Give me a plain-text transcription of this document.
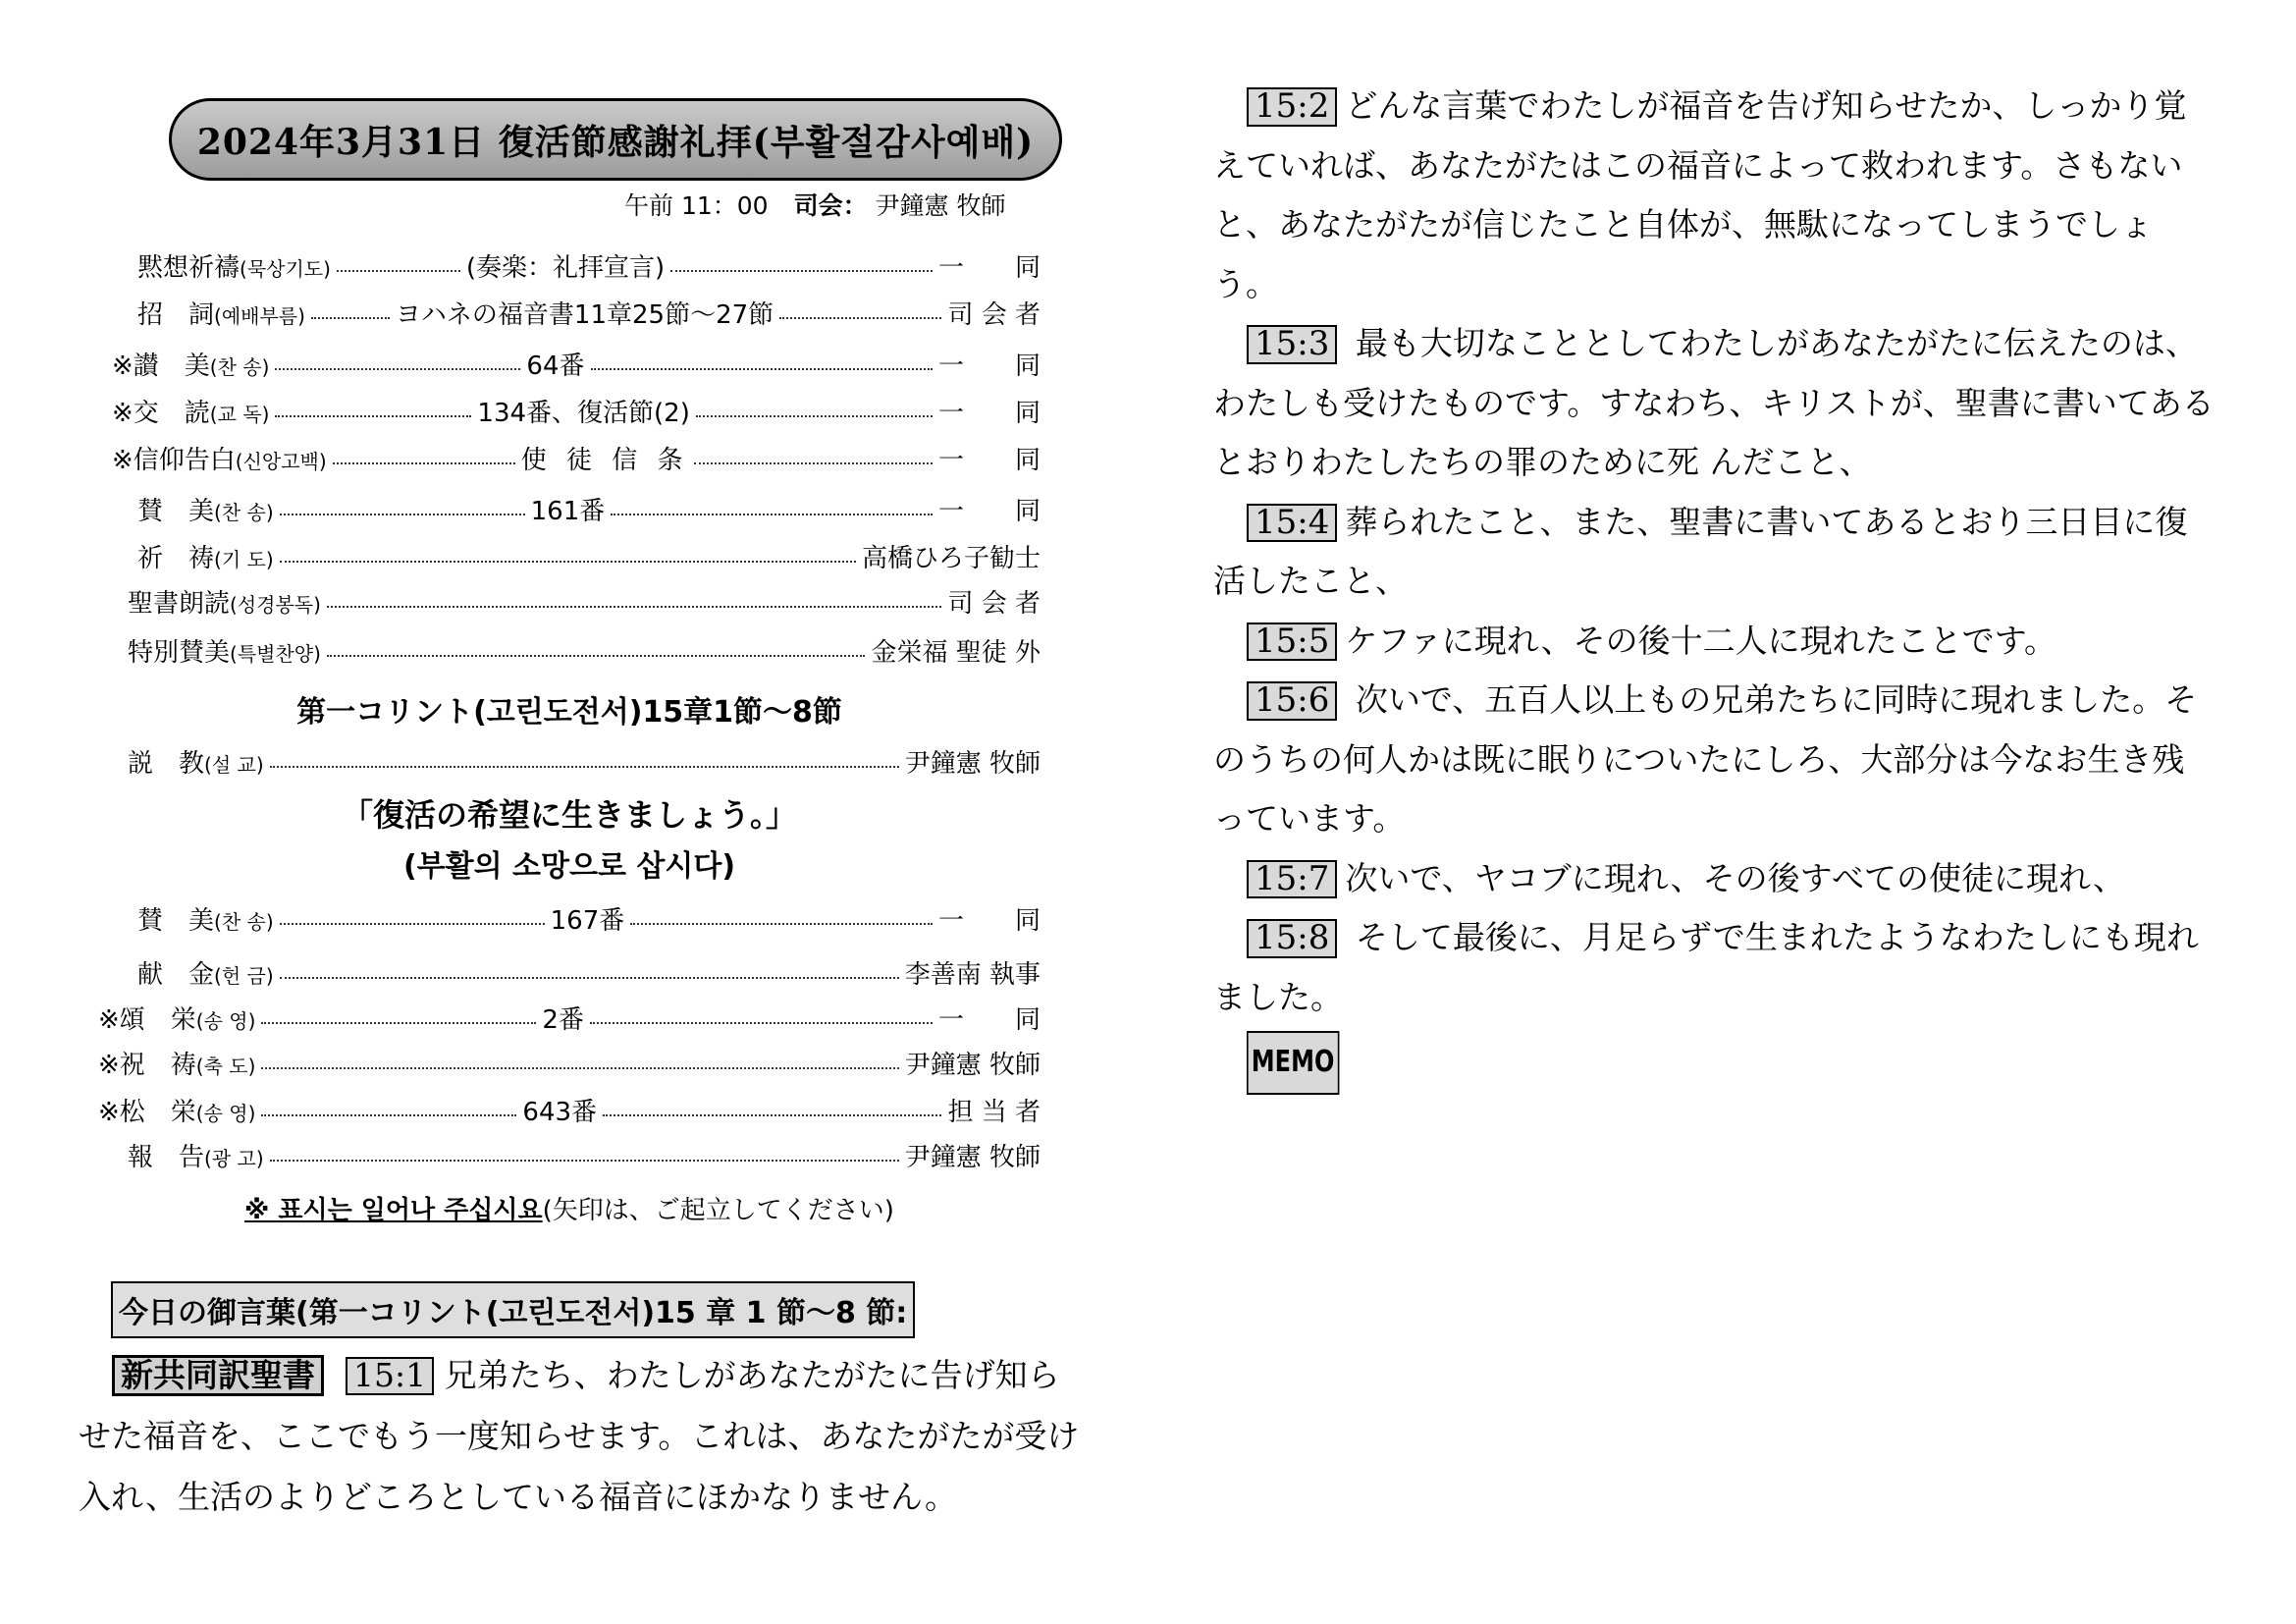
2024年3月31日 復活節感謝礼拝(부활절감사예배)
午前 11：00 司会： 尹鐘憲 牧師
黙想祈禱(묵상기도)	(奏楽：礼拝宣言)	一　　同
招　詞(예배부름)	ヨハネの福音書11章25節～27節	司 会 者
※讃　美(찬 송)	64番	一　　同
※交　読(교 독)	134番、復活節(2)	一　　同
※信仰告白(신앙고백)	使 徒 信 条	一　　同
賛　美(찬 송)	161番	一　　同
祈　祷(기 도)	高橋ひろ子勧士
聖書朗読(성경봉독)	司 会 者
特別賛美(특별찬양)	金栄福 聖徒 外
第一コリント(고린도전서)15章1節～8節
説　教(설 교)	尹鐘憲 牧師
「復活の希望に生きましょう。」
(부활의 소망으로 삽시다)
賛　美(찬 송)	167番	一　　同
献　金(헌 금)	李善南 執事
※頌　栄(송 영)	2番	一　　同
※祝　祷(축 도)	尹鐘憲 牧師
※松　栄(송 영)	643番	担 当 者
報　告(광 고)	尹鐘憲 牧師
※ 표시는 일어나 주십시요(矢印は、ご起立してください)
今日の御言葉(第一コリント(고린도전서)15 章 1 節～8 節:
新共同訳聖書 15:1 兄弟たち、わたしがあなたがたに告げ知らせた福音を、ここでもう一度知らせます。これは、あなたがたが受け入れ、生活のよりどころとしている福音にほかなりません。

15:2 どんな言葉でわたしが福音を告げ知らせたか、しっかり覚えていれば、あなたがたはこの福音によって救われます。さもないと、あなたがたが信じたこと自体が、無駄になってしまうでしょう。

15:3 最も大切なこととしてわたしがあなたがたに伝えたのは、わたしも受けたものです。すなわち、キリストが、聖書に書いてあるとおりわたしたちの罪のために死 んだこと、

15:4 葬られたこと、また、聖書に書いてあるとおり三日目に復活したこと、

15:5 ケファに現れ、その後十二人に現れたことです。

15:6 次いで、五百人以上もの兄弟たちに同時に現れました。そのうちの何人かは既に眠りについたにしろ、大部分は今なお生き残っています。

15:7 次いで、ヤコブに現れ、その後すべての使徒に現れ、

15:8 そして最後に、月足らずで生まれたようなわたしにも現れました。

MEMO
